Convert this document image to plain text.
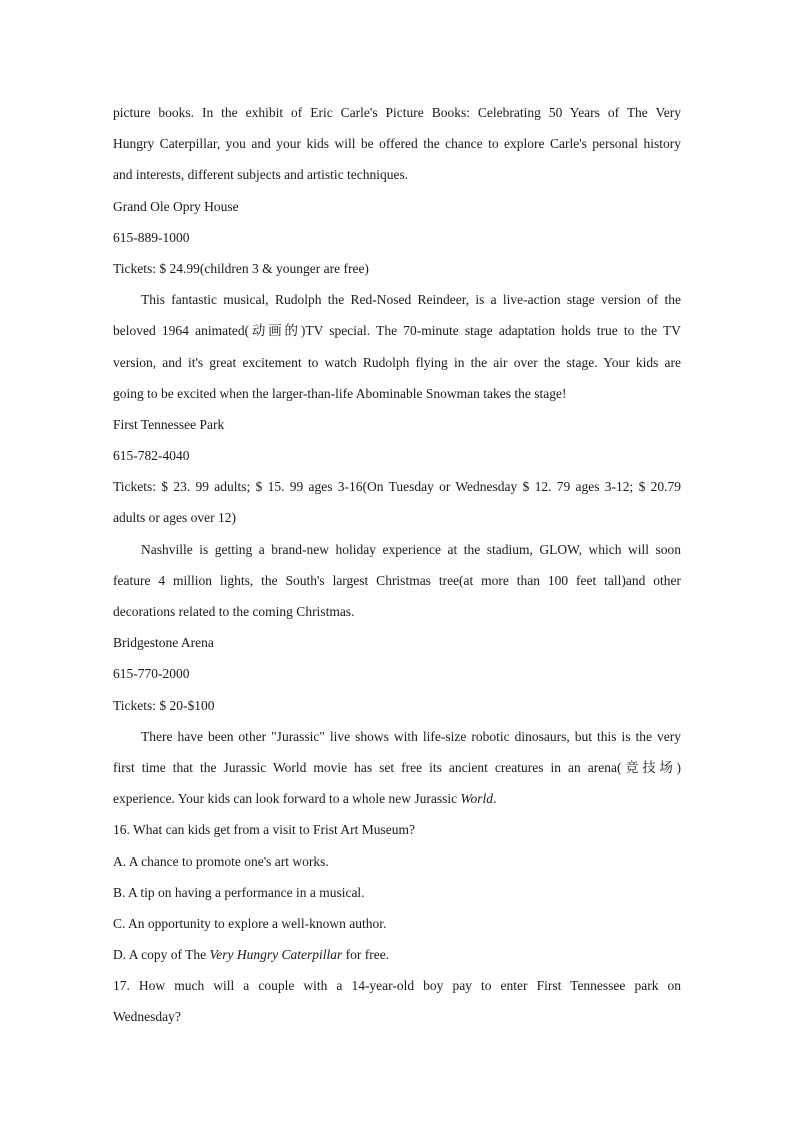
picture books. In the exhibit of Eric Carle's Picture Books: Celebrating 50 Years of The Very
Hungry Caterpillar, you and your kids will be offered the chance to explore Carle's personal history
and interests, different subjects and artistic techniques.
Grand Ole Opry House
615-889-1000
Tickets: $ 24.99(children 3 & younger are free)
This fantastic musical, Rudolph the Red-Nosed Reindeer, is a live-action stage version of the
beloved 1964 animated(动画的)TV special. The 70-minute stage adaptation holds true to the TV
version, and it's great excitement to watch Rudolph flying in the air over the stage. Your kids are
going to be excited when the larger-than-life Abominable Snowman takes the stage!
First Tennessee Park
615-782-4040
Tickets: $ 23. 99 adults; $ 15. 99 ages 3-16(On Tuesday or Wednesday $ 12. 79 ages 3-12; $ 20.79
adults or ages over 12)
Nashville is getting a brand-new holiday experience at the stadium, GLOW, which will soon
feature 4 million lights, the South's largest Christmas tree(at more than 100 feet tall)and other
decorations related to the coming Christmas.
Bridgestone Arena
615-770-2000
Tickets: $ 20-$100
There have been other "Jurassic" live shows with life-size robotic dinosaurs, but this is the very
first time that the Jurassic World movie has set free its ancient creatures in an arena(竞技场)
experience. Your kids can look forward to a whole new Jurassic World.
16. What can kids get from a visit to Frist Art Museum?
A. A chance to promote one's art works.
B. A tip on having a performance in a musical.
C. An opportunity to explore a well-known author.
D. A copy of The Very Hungry Caterpillar for free.
17. How much will a couple with a 14-year-old boy pay to enter First Tennessee park on
Wednesday?
